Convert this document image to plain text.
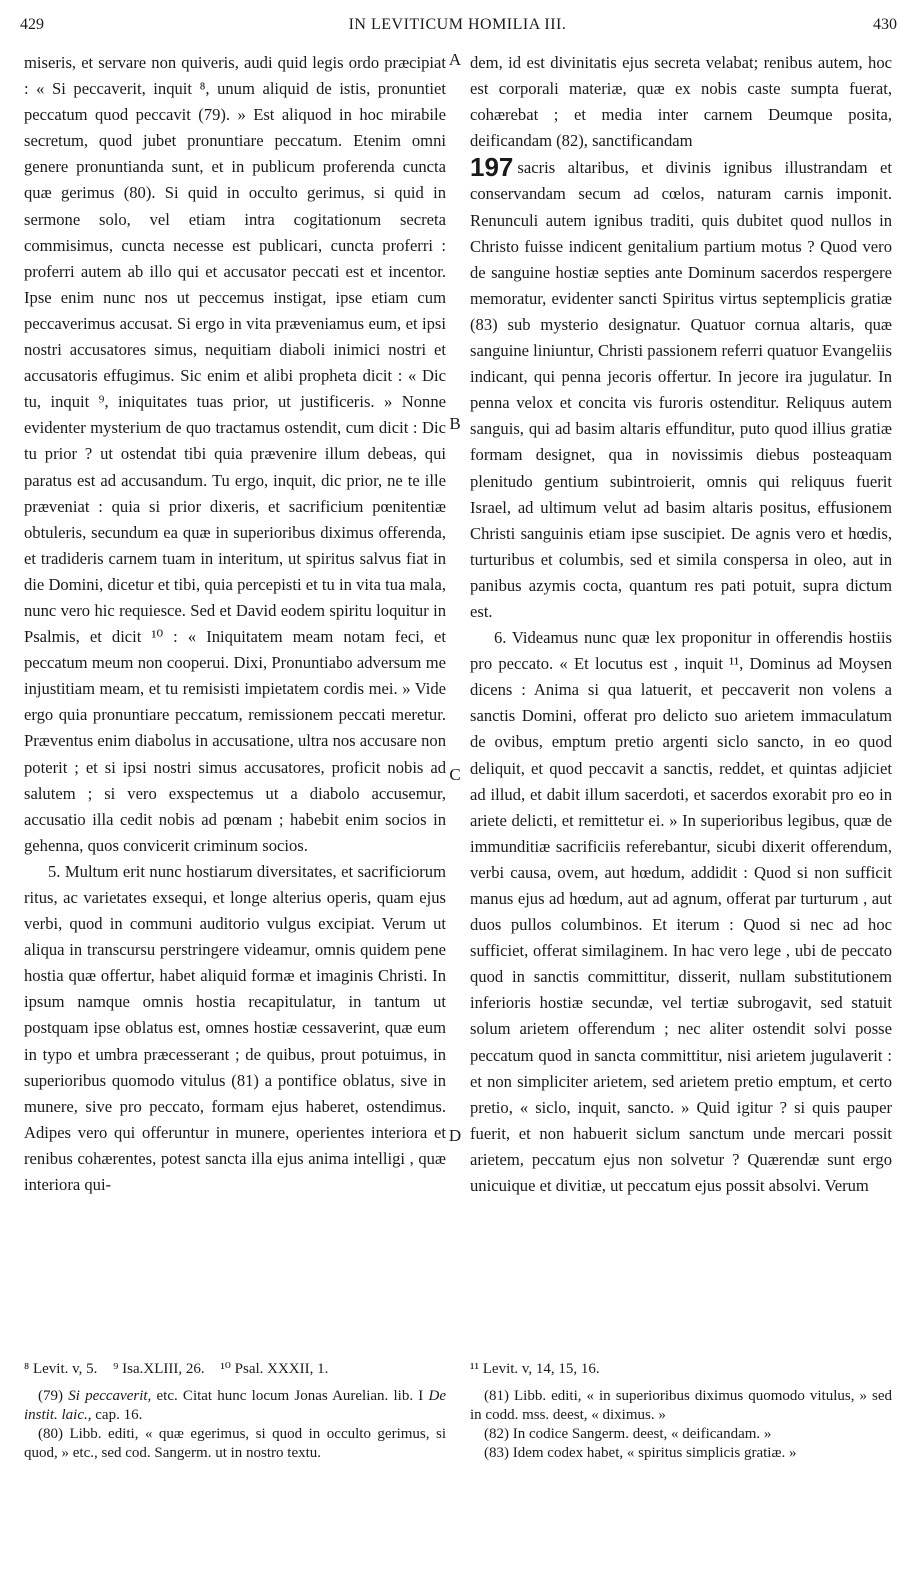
429	IN LEVITICUM HOMILIA III.	430
A
B
C
D

miseris, et servare non quiveris, audi quid legis ordo præcipiat : « Si peccaverit, inquit ⁸, unum aliquid de istis, pronuntiet peccatum quod peccavit (79). » Est aliquod in hoc mirabile secretum, quod jubet pronuntiare peccatum. Etenim omni genere pronuntianda sunt, et in publicum proferenda cuncta quæ gerimus (80). Si quid in occulto gerimus, si quid in sermone solo, vel etiam intra cogitationum secreta commisimus, cuncta necesse est publicari, cuncta proferri : proferri autem ab illo qui et accusator peccati est et incentor. Ipse enim nunc nos ut peccemus instigat, ipse etiam cum peccaverimus accusat. Si ergo in vita præveniamus eum, et ipsi nostri accusatores simus, nequitiam diaboli inimici nostri et accusatoris effugimus. Sic enim et alibi propheta dicit : « Dic tu, inquit ⁹, iniquitates tuas prior, ut justificeris. » Nonne evidenter mysterium de quo tractamus ostendit, cum dicit : Dic tu prior ? ut ostendat tibi quia prævenire illum debeas, qui paratus est ad accusandum. Tu ergo, inquit, dic prior, ne te ille præveniat : quia si prior dixeris, et sacrificium pœnitentiæ obtuleris, secundum ea quæ in superioribus diximus offerenda, et tradideris carnem tuam in interitum, ut spiritus salvus fiat in die Domini, dicetur et tibi, quia percepisti et tu in vita tua mala, nunc vero hic requiesce. Sed et David eodem spiritu loquitur in Psalmis, et dicit ¹⁰ : « Iniquitatem meam notam feci, et peccatum meum non cooperui. Dixi, Pronuntiabo adversum me injustitiam meam, et tu remisisti impietatem cordis mei. » Vide ergo quia pronuntiare peccatum, remissionem peccati meretur. Præventus enim diabolus in accusatione, ultra nos accusare non poterit ; et si ipsi nostri simus accusatores, proficit nobis ad salutem ; si vero exspectemus ut a diabolo accusemur, accusatio illa cedit nobis ad pœnam ; habebit enim socios in gehenna, quos convicerit criminum socios.

5. Multum erit nunc hostiarum diversitates, et sacrificiorum ritus, ac varietates exsequi, et longe alterius operis, quam ejus verbi, quod in communi auditorio vulgus excipiat. Verum ut aliqua in transcursu perstringere videamur, omnis quidem pene hostia quæ offertur, habet aliquid formæ et imaginis Christi. In ipsum namque omnis hostia recapitulatur, in tantum ut postquam ipse oblatus est, omnes hostiæ cessaverint, quæ eum in typo et umbra præcesserant ; de quibus, prout potuimus, in superioribus quomodo vitulus (81) a pontifice oblatus, sive in munere, sive pro peccato, formam ejus haberet, ostendimus. Adipes vero qui offeruntur in munere, operientes interiora et renibus cohærentes, potest sancta illa ejus anima intelligi , quæ interiora qui-

dem, id est divinitatis ejus secreta velabat; renibus autem, hoc est corporali materiæ, quæ ex nobis caste sumpta fuerat, cohærebat ; et media inter carnem Deumque posita, deificandam (82), sanctificandam

197 sacris altaribus, et divinis ignibus illustrandam et conservandam secum ad cœlos, naturam carnis imponit. Renunculi autem ignibus traditi, quis dubitet quod nullos in Christo fuisse indicent genitalium partium motus ? Quod vero de sanguine hostiæ septies ante Dominum sacerdos respergere memoratur, evidenter sancti Spiritus virtus septemplicis gratiæ (83) sub mysterio designatur. Quatuor cornua altaris, quæ sanguine liniuntur, Christi passionem referri quatuor Evangeliis indicant, qui penna jecoris offertur. In jecore ira jugulatur. In penna velox et concita vis furoris ostenditur. Reliquus autem sanguis, qui ad basim altaris effunditur, puto quod illius gratiæ formam designet, qua in novissimis diebus posteaquam plenitudo gentium subintroierit, omnis qui reliquus fuerit Israel, ad ultimum velut ad basim altaris positus, effusionem Christi sanguinis etiam ipse suscipiet. De agnis vero et hœdis, turturibus et columbis, sed et simila conspersa in oleo, aut in panibus azymis cocta, quantum res pati potuit, supra dictum est.

6. Videamus nunc quæ lex proponitur in offerendis hostiis pro peccato. « Et locutus est , inquit ¹¹, Dominus ad Moysen dicens : Anima si qua latuerit, et peccaverit non volens a sanctis Domini, offerat pro delicto suo arietem immaculatum de ovibus, emptum pretio argenti siclo sancto, in eo quod deliquit, et quod peccavit a sanctis, reddet, et quintas adjiciet ad illud, et dabit illum sacerdoti, et sacerdos exorabit pro eo in ariete delicti, et remittetur ei. » In superioribus legibus, quæ de immunditiæ sacrificiis referebantur, sicubi dixerit offerendum, verbi causa, ovem, aut hœdum, addidit : Quod si non sufficit manus ejus ad hœdum, aut ad agnum, offerat par turturum , aut duos pullos columbinos. Et iterum : Quod si nec ad hoc sufficiet, offerat similaginem. In hac vero lege , ubi de peccato quod in sanctis committitur, disserit, nullam substitutionem inferioris hostiæ secundæ, vel tertiæ subrogavit, sed statuit solum arietem offerendum ; nec aliter ostendit solvi posse peccatum quod in sancta committitur, nisi arietem jugulaverit : et non simpliciter arietem, sed arietem pretio emptum, et certo pretio, « siclo, inquit, sancto. » Quid igitur ? si quis pauper fuerit, et non habuerit siclum sanctum unde mercari possit arietem, peccatum ejus non solvetur ? Quærendæ sunt ergo unicuique et divitiæ, ut peccatum ejus possit absolvi. Verum

⁸ Levit. v, 5. ⁹ Isa.XLIII, 26. ¹⁰ Psal. XXXII, 1.

(79) Si peccaverit, etc. Citat hunc locum Jonas Aurelian. lib. I De instit. laic., cap. 16.

(80) Libb. editi, « quæ egerimus, si quod in occulto gerimus, si quod, » etc., sed cod. Sangerm. ut in nostro textu.

¹¹ Levit. v, 14, 15, 16.

(81) Libb. editi, « in superioribus diximus quomodo vitulus, » sed in codd. mss. deest, « diximus. »

(82) In codice Sangerm. deest, « deificandam. »

(83) Idem codex habet, « spiritus simplicis gratiæ. »
